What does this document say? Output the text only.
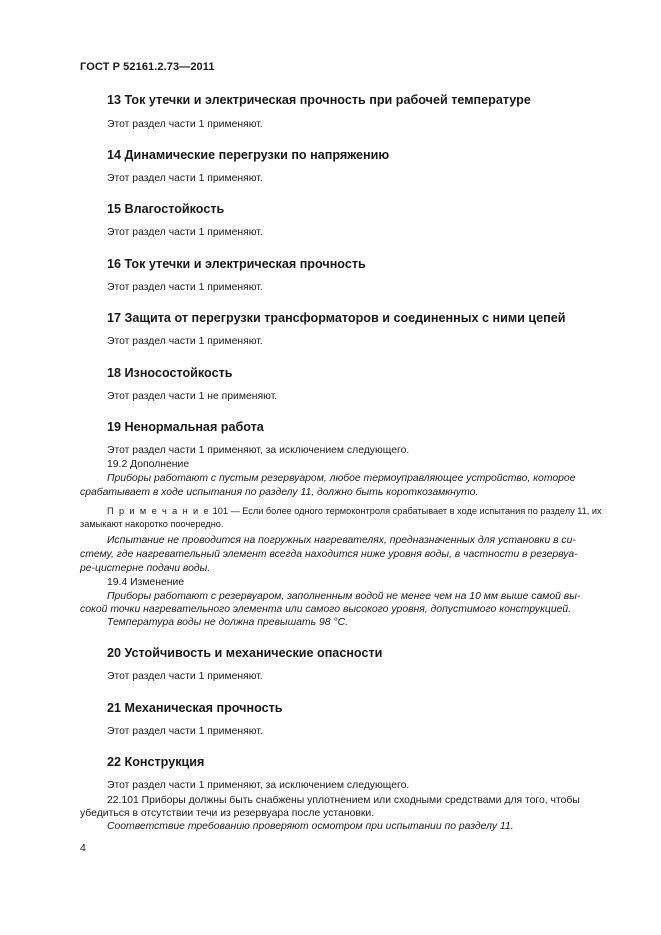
ГОСТ Р 52161.2.73—2011
13 Ток утечки и электрическая прочность при рабочей температуре
Этот раздел части 1 применяют.
14 Динамические перегрузки по напряжению
Этот раздел части 1 применяют.
15 Влагостойкость
Этот раздел части 1 применяют.
16 Ток утечки и электрическая прочность
Этот раздел части 1 применяют.
17 Защита от перегрузки трансформаторов и соединенных с ними цепей
Этот раздел части 1 применяют.
18 Износостойкость
Этот раздел части 1 не применяют.
19 Ненормальная работа
Этот раздел части 1 применяют, за исключением следующего.
19.2 Дополнение
Приборы работают с пустым резервуаром, любое термоуправляющее устройство, которое
срабатывает в ходе испытания по разделу 11, должно быть короткозамкнуто.
П р и м е ч а н и е 101 — Если более одного термоконтроля срабатывает в ходе испытания по разделу 11, их
замыкают накоротко поочередно.
Испытание не проводится на погружных нагревателях, предназначенных для установки в си-
стему, где нагревательный элемент всегда находится ниже уровня воды, в частности в резервуа-
ре-цистерне подачи воды.
19.4 Изменение
Приборы работают с резервуаром, заполненным водой не менее чем на 10 мм выше самой вы-
сокой точки нагревательного элемента или самого высокого уровня, допустимого конструкцией.
Температура воды не должна превышать 98 °С.
20 Устойчивость и механические опасности
Этот раздел части 1 применяют.
21 Механическая прочность
Этот раздел части 1 применяют.
22 Конструкция
Этот раздел части 1 применяют, за исключением следующего.
22.101 Приборы должны быть снабжены уплотнением или сходными средствами для того, чтобы
убедиться в отсутствии течи из резервуара после установки.
Соответствие требованию проверяют осмотром при испытании по разделу 11.
4
